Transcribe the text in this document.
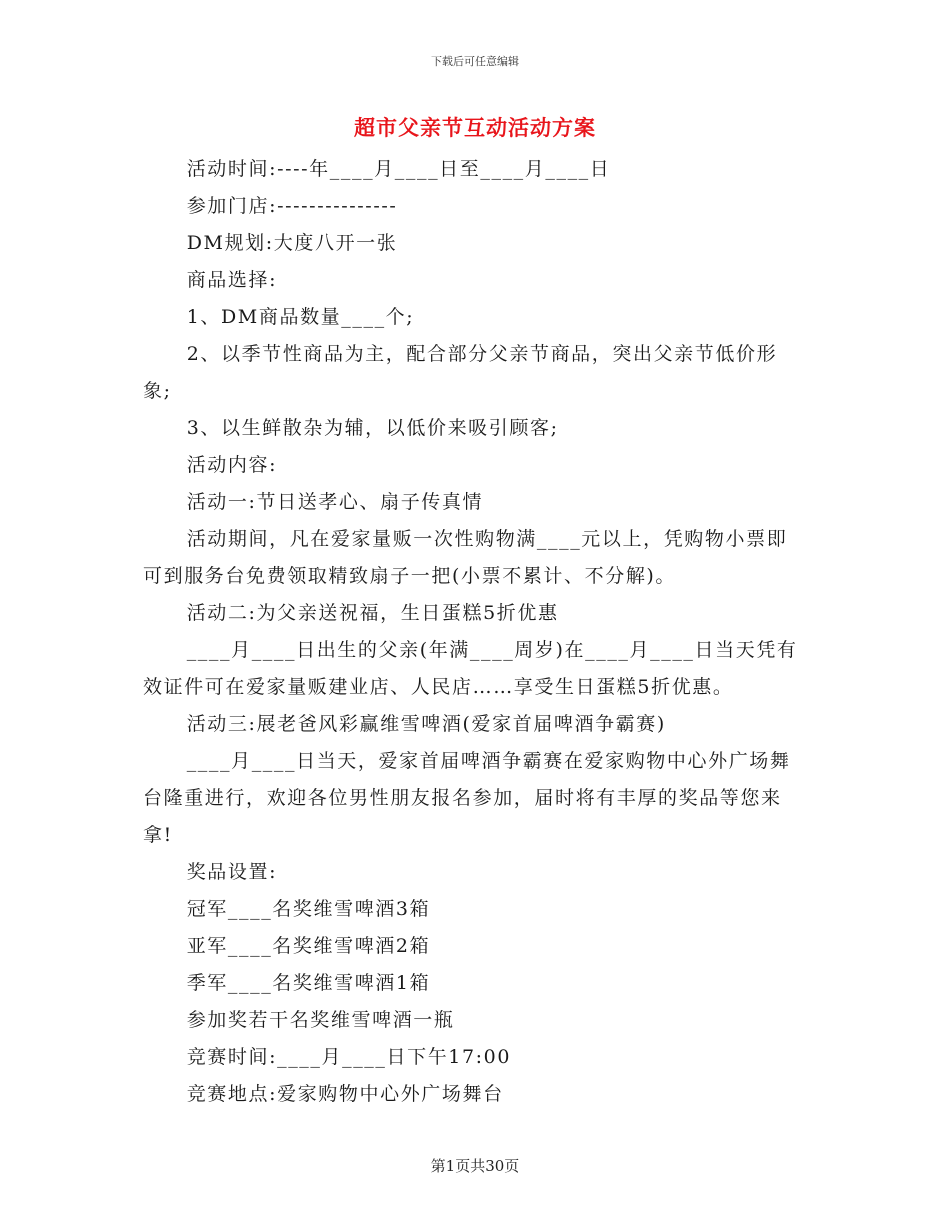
下载后可任意编辑
超市父亲节互动活动方案

活动时间:----年____月____日至____月____日

参加门店:---------------

DM规划:大度八开一张

商品选择:

1、DM商品数量____个;

2、以季节性商品为主，配合部分父亲节商品，突出父亲节低价形象;

3、以生鲜散杂为辅，以低价来吸引顾客;

活动内容:

活动一:节日送孝心、扇子传真情

活动期间，凡在爱家量贩一次性购物满____元以上，凭购物小票即可到服务台免费领取精致扇子一把(小票不累计、不分解)。

活动二:为父亲送祝福，生日蛋糕5折优惠

____月____日出生的父亲(年满____周岁)在____月____日当天凭有效证件可在爱家量贩建业店、人民店……享受生日蛋糕5折优惠。

活动三:展老爸风彩赢维雪啤酒(爱家首届啤酒争霸赛)

____月____日当天，爱家首届啤酒争霸赛在爱家购物中心外广场舞台隆重进行，欢迎各位男性朋友报名参加，届时将有丰厚的奖品等您来拿!

奖品设置:

冠军____名奖维雪啤酒3箱

亚军____名奖维雪啤酒2箱

季军____名奖维雪啤酒1箱

参加奖若干名奖维雪啤酒一瓶

竞赛时间:____月____日下午17:00

竞赛地点:爱家购物中心外广场舞台

第1页共30页
